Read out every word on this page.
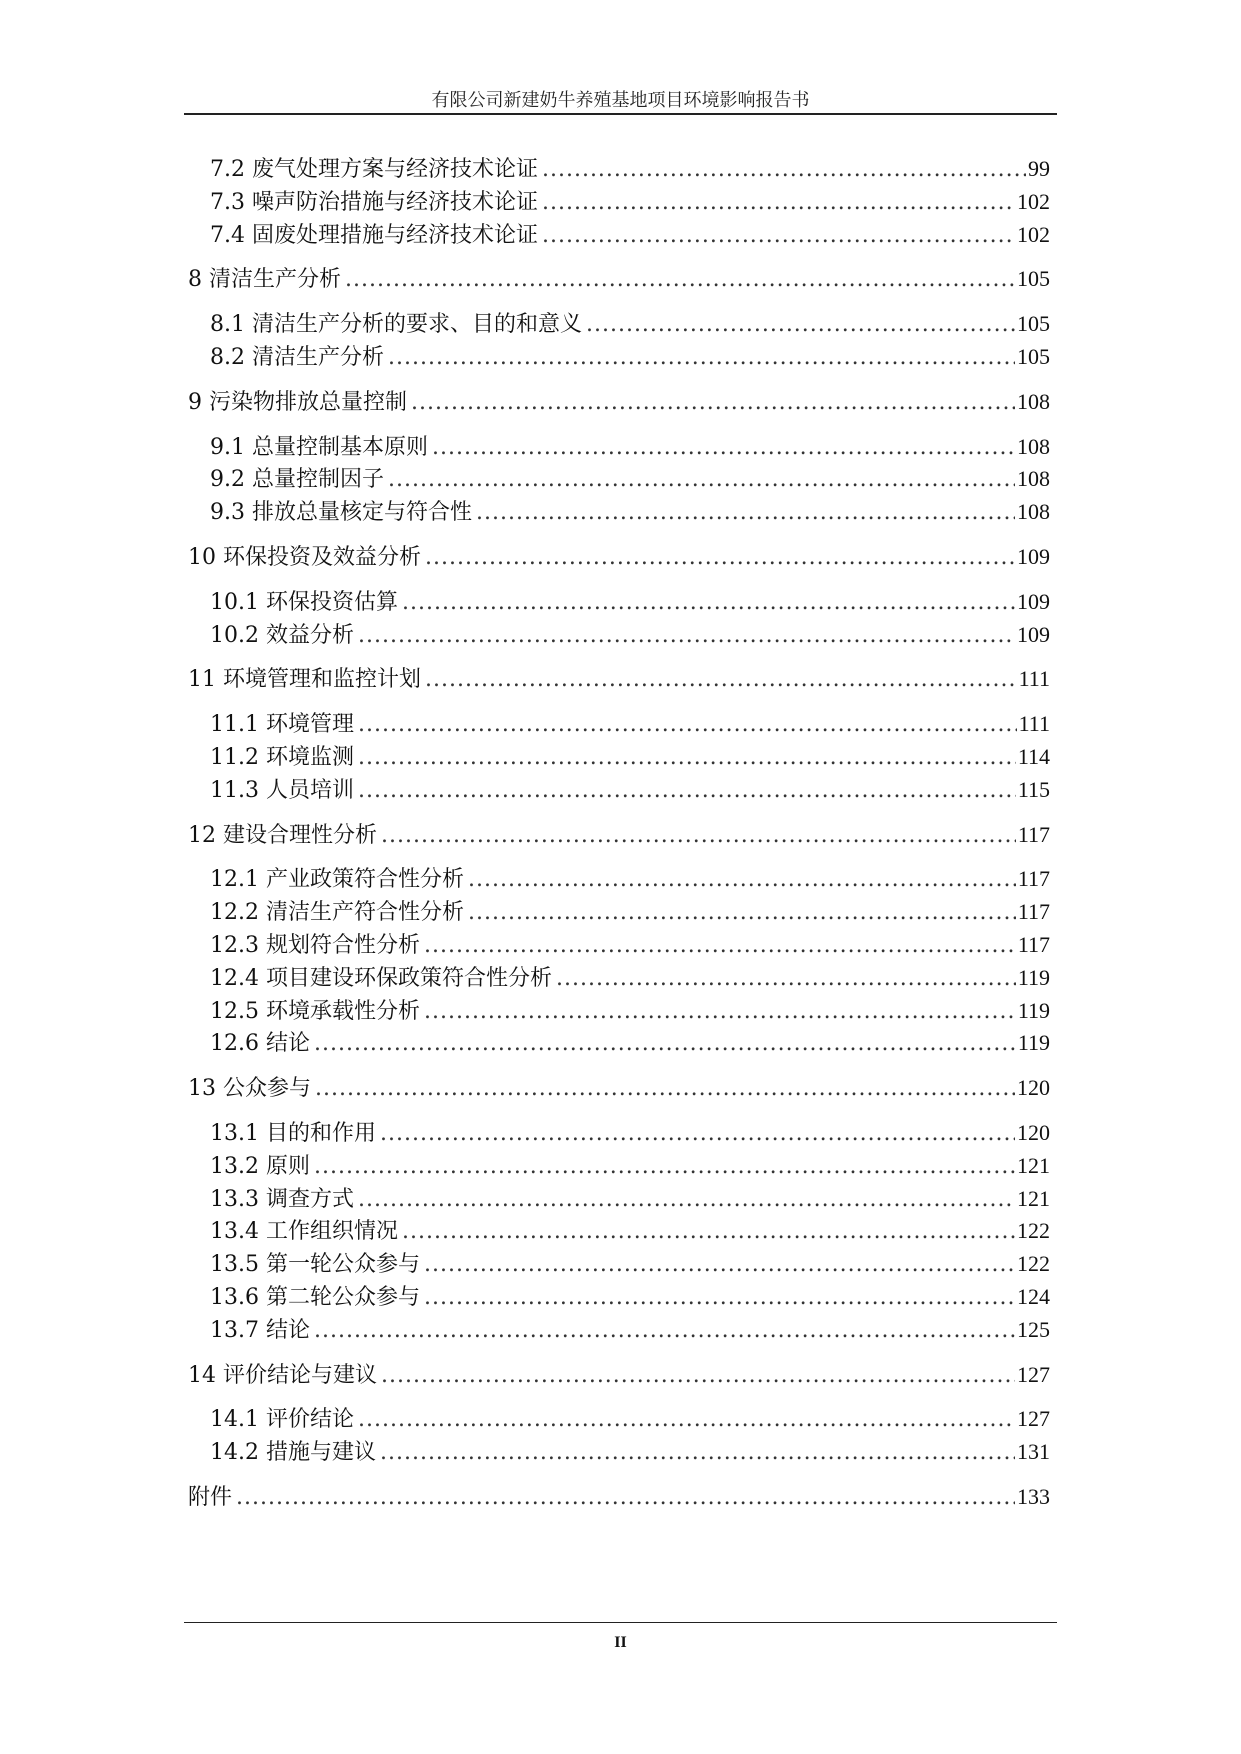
有限公司新建奶牛养殖基地项目环境影响报告书
7.2 废气处理方案与经济技术论证 .....	99
7.3 噪声防治措施与经济技术论证 .....	102
7.4 固废处理措施与经济技术论证 .....	102
8 清洁生产分析 .....	105
8.1 清洁生产分析的要求、目的和意义 .....	105
8.2 清洁生产分析 .....	105
9 污染物排放总量控制 .....	108
9.1 总量控制基本原则 .....	108
9.2 总量控制因子 .....	108
9.3 排放总量核定与符合性 .....	108
10 环保投资及效益分析 .....	109
10.1 环保投资估算 .....	109
10.2 效益分析 .....	109
11 环境管理和监控计划 .....	111
11.1 环境管理 .....	111
11.2 环境监测 .....	114
11.3 人员培训 .....	115
12 建设合理性分析 .....	117
12.1 产业政策符合性分析 .....	117
12.2 清洁生产符合性分析 .....	117
12.3 规划符合性分析 .....	117
12.4 项目建设环保政策符合性分析 .....	119
12.5 环境承载性分析 .....	119
12.6 结论 .....	119
13 公众参与 .....	120
13.1 目的和作用 .....	120
13.2 原则 .....	121
13.3 调查方式 .....	121
13.4 工作组织情况 .....	122
13.5 第一轮公众参与 .....	122
13.6 第二轮公众参与 .....	124
13.7 结论 .....	125
14 评价结论与建议 .....	127
14.1 评价结论 .....	127
14.2 措施与建议 .....	131
附件 .....	133
II
